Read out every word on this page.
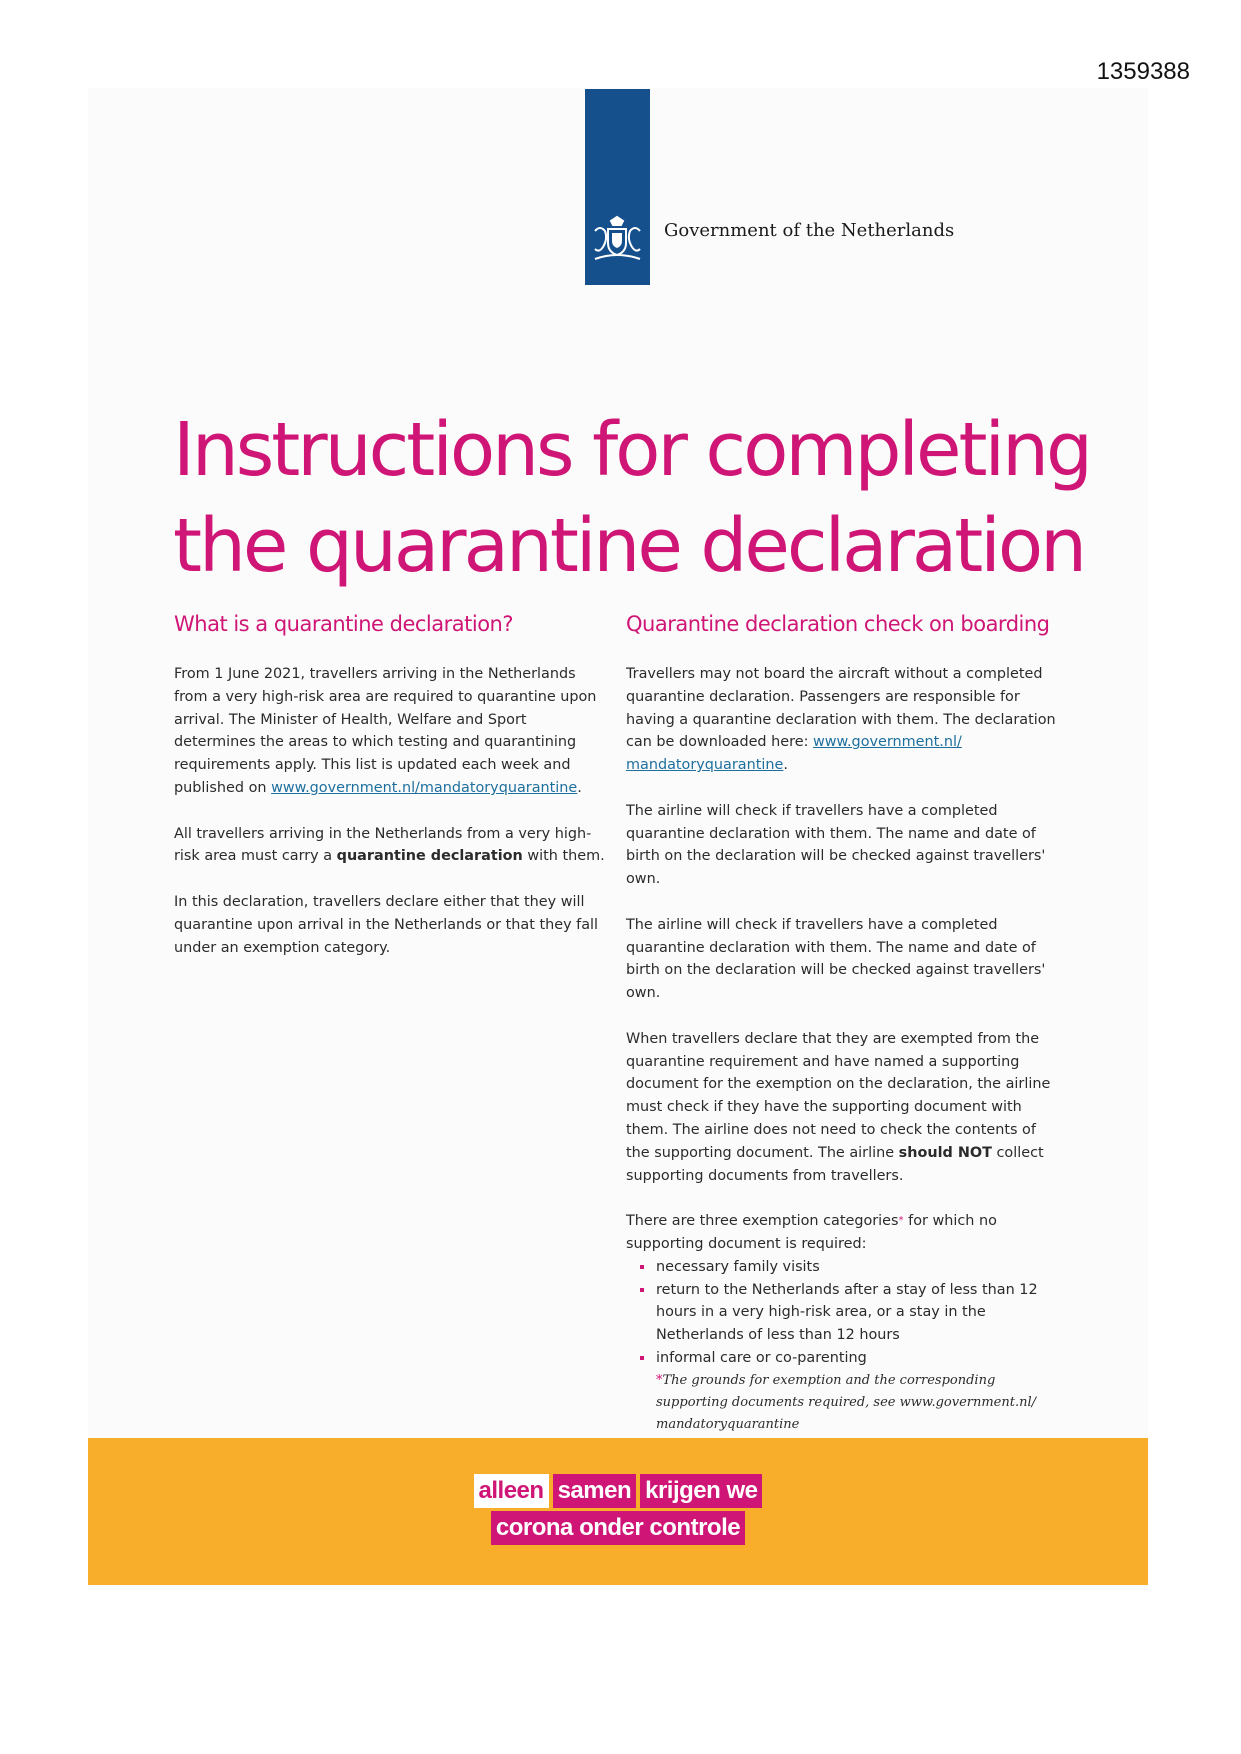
1359388
Government of the Netherlands
Instructions for completing
the quarantine declaration
What is a quarantine declaration?	Quarantine declaration check on boarding

From 1 June 2021, travellers arriving in the Netherlands from a very high-risk area are required to quarantine upon arrival. The Minister of Health, Welfare and Sport determines the areas to which testing and quarantining requirements apply. This list is updated each week and published on www.government.nl/mandatoryquarantine.

All travellers arriving in the Netherlands from a very high-risk area must carry a quarantine declaration with them.

In this declaration, travellers declare either that they will quarantine upon arrival in the Netherlands or that they fall under an exemption category.

Travellers may not board the aircraft without a completed quarantine declaration. Passengers are responsible for having a quarantine declaration with them. The declaration can be downloaded here: www.government.nl/ mandatoryquarantine.

The airline will check if travellers have a completed quarantine declaration with them. The name and date of birth on the declaration will be checked against travellers' own.

The airline will check if travellers have a completed quarantine declaration with them. The name and date of birth on the declaration will be checked against travellers' own.

When travellers declare that they are exempted from the quarantine requirement and have named a supporting document for the exemption on the declaration, the airline must check if they have the supporting document with them. The airline does not need to check the contents of the supporting document. The airline should NOT collect supporting documents from travellers.

There are three exemption categories* for which no supporting document is required:
necessary family visits
return to the Netherlands after a stay of less than 12 hours in a very high-risk area, or a stay in the Netherlands of less than 12 hours
informal care or co-parenting
*The grounds for exemption and the corresponding supporting documents required, see www.government.nl/ mandatoryquarantine
alleen samen krijgen we
corona onder controle
